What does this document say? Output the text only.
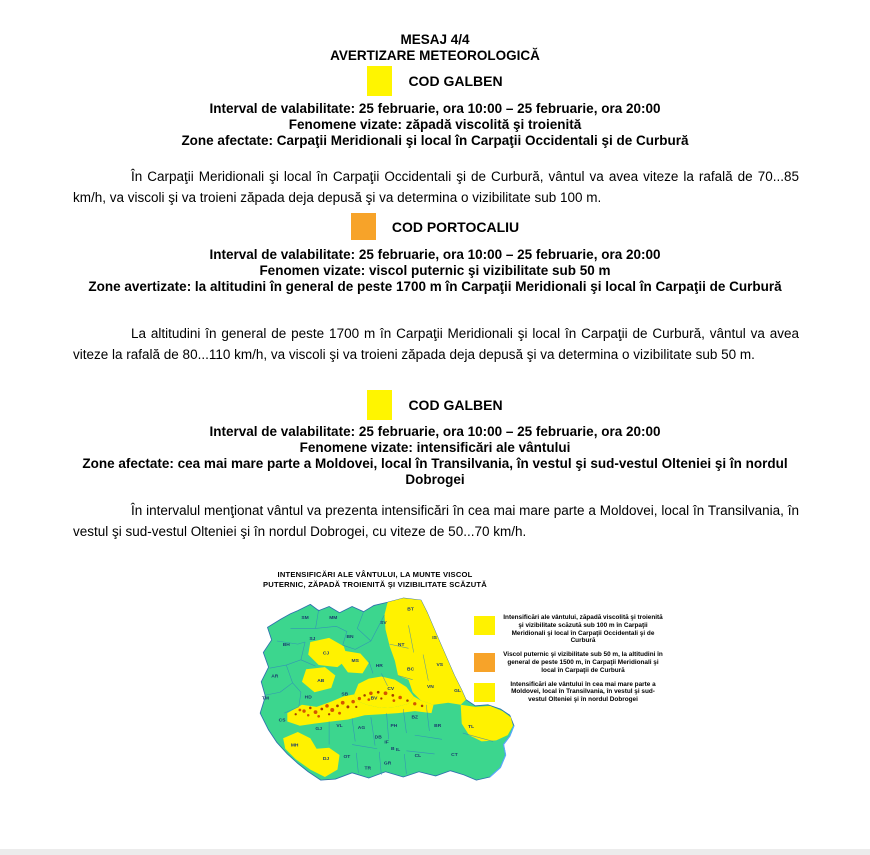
MESAJ 4/4
AVERTIZARE METEOROLOGICĂ
COD GALBEN
Interval de valabilitate: 25 februarie, ora 10:00 – 25 februarie, ora 20:00
Fenomene vizate: zăpadă viscolită şi troienită
Zone afectate: Carpaţii Meridionali şi local în Carpaţii Occidentali şi de Curbură
În Carpaţii Meridionali şi local în Carpaţii Occidentali şi de Curbură, vântul va avea viteze la rafală de 70...85 km/h, va viscoli şi va troieni zăpada deja depusă şi va determina o vizibilitate sub 100 m.
COD PORTOCALIU
Interval de valabilitate: 25 februarie, ora 10:00 – 25 februarie, ora 20:00
Fenomen vizate: viscol puternic şi vizibilitate sub 50 m
Zone avertizate: la altitudini în general de peste 1700 m în Carpaţii Meridionali şi local în Carpaţii de Curbură
La altitudini în general de peste 1700 m în Carpaţii Meridionali şi local în Carpaţii de Curbură, vântul va avea viteze la rafală de 80...110 km/h, va viscoli şi va troieni zăpada deja depusă şi va determina o vizibilitate sub 50 m.
COD GALBEN
Interval de valabilitate: 25 februarie, ora 10:00 – 25 februarie, ora 20:00
Fenomene vizate: intensificări ale vântului
Zone afectate: cea mai mare parte a Moldovei, local în Transilvania, în vestul şi sud-vestul Olteniei şi în nordul Dobrogei
În intervalul menţionat vântul va prezenta intensificări în cea mai mare parte a Moldovei, local în Transilvania, în vestul şi sud-vestul Olteniei şi în nordul Dobrogei, cu viteze de 50...70 km/h.
INTENSIFICĂRI ALE VÂNTULUI, LA MUNTE VISCOL
PUTERNIC, ZĂPADĂ TROIENITĂ ŞI VIZIBILITATE SCĂZUTĂ
SM	MM
SV
BT
SJ	BN
NT
IS
BH
CJ
MS
HR
BC
VS
AR
AB
SB
BV
CV	VN
GL
TM	HD
CS
GJ
VL	AG
DB
PH
BZ
BR	TL
MH
DJ	OT
TR
GR
IL
CL	CT
IF
B
Intensificări ale vântului, zăpadă viscolită şi troienită şi vizibilitate scăzută sub 100 m în Carpaţii Meridionali şi local în Carpaţii Occidentali şi de Curbură
Viscol puternic şi vizibilitate sub 50 m, la altitudini în general de peste 1500 m, în Carpaţii Meridionali şi local în Carpaţii de Curbură
Intensificări ale vântului în cea mai mare parte a Moldovei, local în Transilvania, în vestul şi sud-vestul Olteniei şi în nordul Dobrogei
